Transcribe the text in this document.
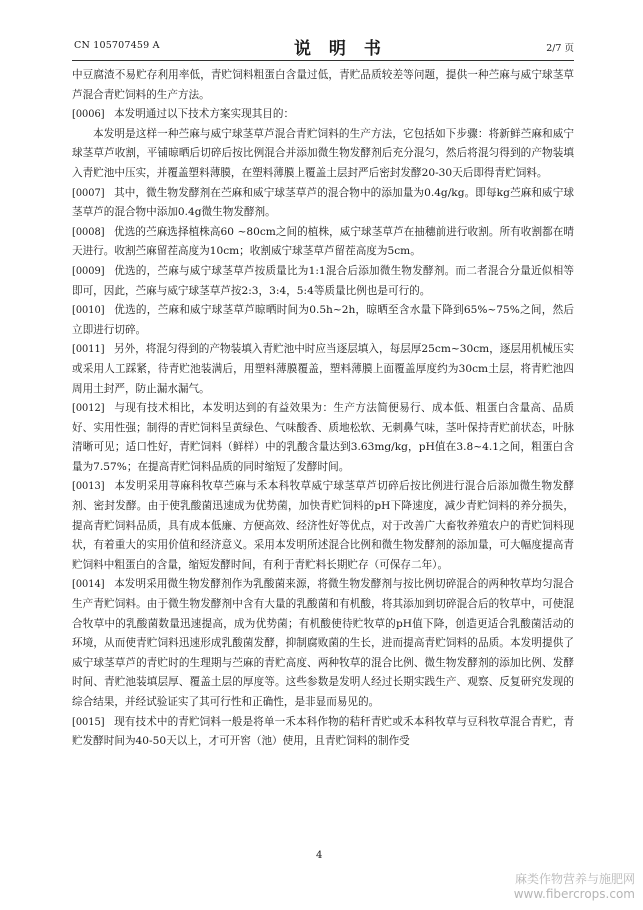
CN 105707459 A	说 明 书	2/7 页

中豆腐渣不易贮存利用率低，青贮饲料粗蛋白含量过低，青贮品质较差等问题，提供一种苎麻与威宁球茎草芦混合青贮饲料的生产方法。

[0006] 本发明通过以下技术方案实现其目的：

本发明是这样一种苎麻与威宁球茎草芦混合青贮饲料的生产方法，它包括如下步骤：将新鲜苎麻和威宁球茎草芦收割，平铺晾晒后切碎后按比例混合并添加微生物发酵剂后充分混匀，然后将混匀得到的产物装填入青贮池中压实，并覆盖塑料薄膜，在塑料薄膜上覆盖土层封严后密封发酵20-30天后即得青贮饲料。

[0007] 其中，微生物发酵剂在苎麻和威宁球茎草芦的混合物中的添加量为0.4g/kg。即每kg苎麻和威宁球茎草芦的混合物中添加0.4g微生物发酵剂。

[0008] 优选的苎麻选择植株高60 ~80cm之间的植株，威宁球茎草芦在抽穗前进行收割。所有收割都在晴天进行。收割苎麻留茬高度为10cm；收割威宁球茎草芦留茬高度为5cm。

[0009] 优选的，苎麻与威宁球茎草芦按质量比为1:1混合后添加微生物发酵剂。而二者混合分量近似相等即可，因此，苎麻与威宁球茎草芦按2:3，3:4，5:4等质量比例也是可行的。

[0010] 优选的，苎麻和威宁球茎草芦晾晒时间为0.5h~2h，晾晒至含水量下降到65%~75%之间，然后立即进行切碎。

[0011] 另外，将混匀得到的产物装填入青贮池中时应当逐层填入，每层厚25cm~30cm，逐层用机械压实或采用人工踩紧，待青贮池装满后，用塑料薄膜覆盖，塑料薄膜上面覆盖厚度约为30cm土层，将青贮池四周用土封严，防止漏水漏气。

[0012] 与现有技术相比，本发明达到的有益效果为：生产方法简便易行、成本低、粗蛋白含量高、品质好、实用性强；制得的青贮饲料呈黄绿色、气味酸香、质地松软、无刺鼻气味，茎叶保持青贮前状态，叶脉清晰可见；适口性好，青贮饲料（鲜样）中的乳酸含量达到3.63mg/kg，pH值在3.8~4.1之间，粗蛋白含量为7.57%；在提高青贮饲料品质的同时缩短了发酵时间。

[0013] 本发明采用荨麻科牧草苎麻与禾本科牧草威宁球茎草芦切碎后按比例进行混合后添加微生物发酵剂、密封发酵。由于使乳酸菌迅速成为优势菌，加快青贮饲料的pH下降速度，减少青贮饲料的养分损失，提高青贮饲料品质，具有成本低廉、方便高效、经济性好等优点，对于改善广大畜牧养殖农户的青贮饲料现状，有着重大的实用价值和经济意义。采用本发明所述混合比例和微生物发酵剂的添加量，可大幅度提高青贮饲料中粗蛋白的含量，缩短发酵时间，有利于青贮料长期贮存（可保存二年）。

[0014] 本发明采用微生物发酵剂作为乳酸菌来源，将微生物发酵剂与按比例切碎混合的两种牧草均匀混合生产青贮饲料。由于微生物发酵剂中含有大量的乳酸菌和有机酸，将其添加到切碎混合后的牧草中，可使混合牧草中的乳酸菌数量迅速提高，成为优势菌；有机酸使待贮牧草的pH值下降，创造更适合乳酸菌活动的环境，从而使青贮饲料迅速形成乳酸菌发酵，抑制腐败菌的生长，进而提高青贮饲料的品质。本发明提供了威宁球茎草芦的青贮时的生理期与苎麻的青贮高度、两种牧草的混合比例、微生物发酵剂的添加比例、发酵时间、青贮池装填层厚、覆盖土层的厚度等。这些参数是发明人经过长期实践生产、观察、反复研究发现的综合结果，并经试验证实了其可行性和正确性，是非显而易见的。

[0015] 现有技术中的青贮饲料一般是将单一禾本科作物的秸秆青贮或禾本科牧草与豆科牧草混合青贮，青贮发酵时间为40-50天以上，才可开窖（池）使用，且青贮饲料的制作受

4
麻类作物营养与施肥网
www.fibercrops.com
